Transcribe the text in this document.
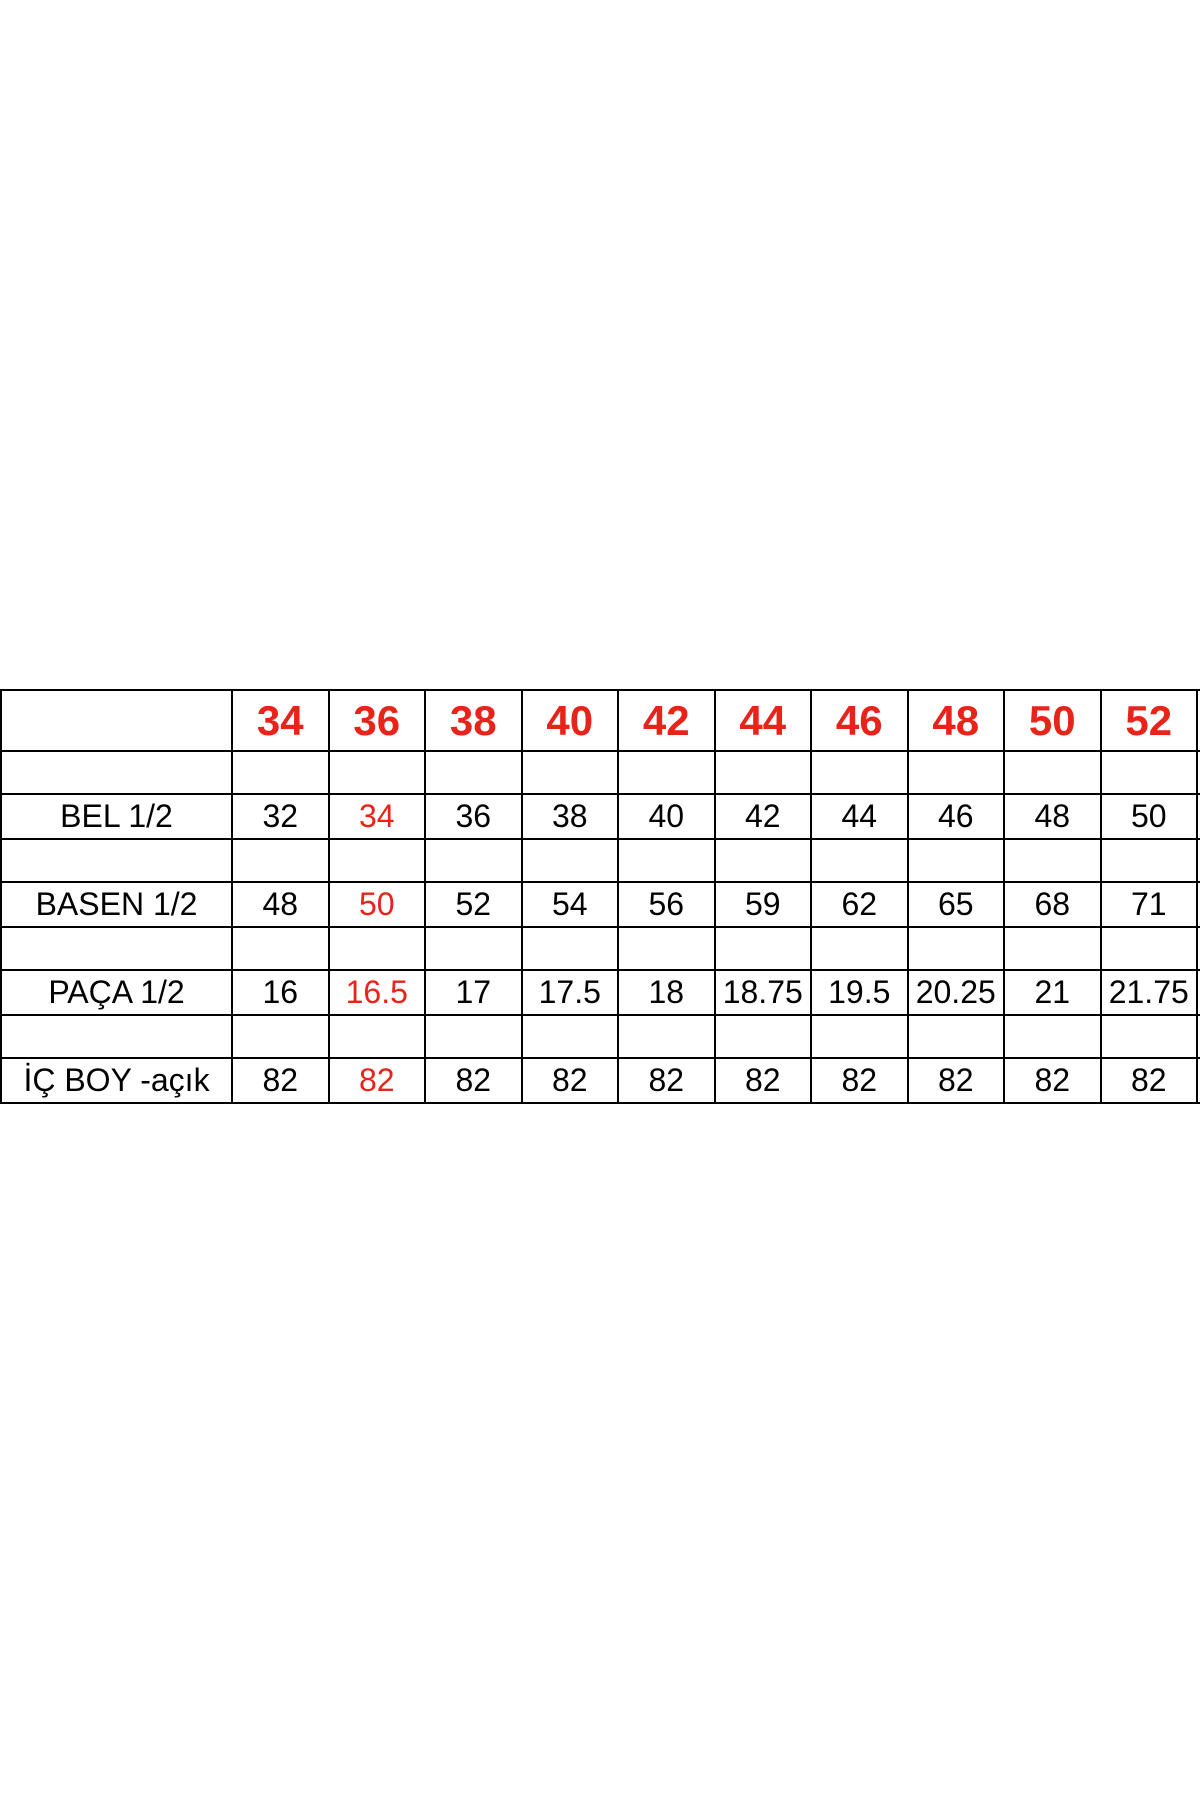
	34	36	38	40	42	44	46	48	50	52	

BEL 1/2	32	34	36	38	40	42	44	46	48	50	

BASEN 1/2	48	50	52	54	56	59	62	65	68	71	

PAÇA 1/2	16	16.5	17	17.5	18	18.75	19.5	20.25	21	21.75	

İÇ BOY -açık	82	82	82	82	82	82	82	82	82	82	
